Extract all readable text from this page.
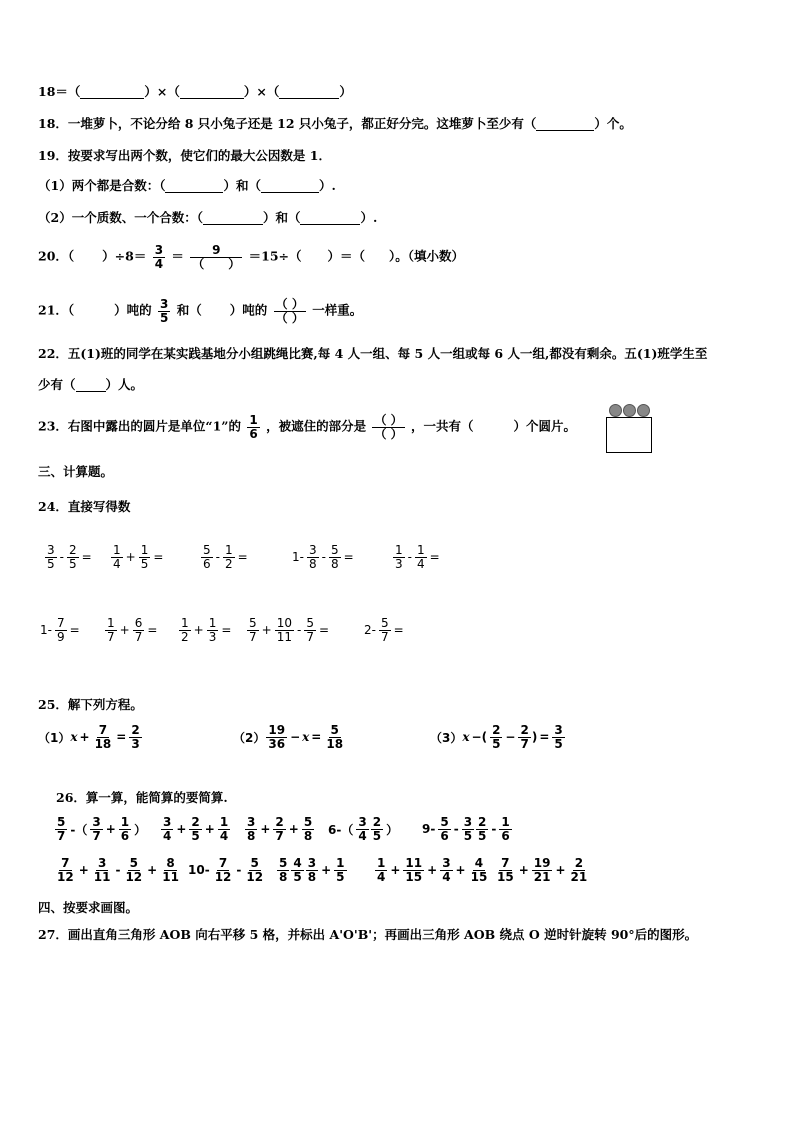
18＝（	）×（	）×（	）
18．一堆萝卜，不论分给 8 只小兔子还是 12 只小兔子，都正好分完。这堆萝卜至少有（	）个。
19．按要求写出两个数，使它们的最大公因数是 1．
（1）两个都是合数：（	）和（	）.
（2）一个质数、一个合数：（	）和（	）.
20．（ ）$\div 8= \frac{3}{4} = \frac{9}{( )} =15\div$（ ）＝（ ）。（填小数）
21．（	）吨的 $\frac{3}{5}$ 和（ ）吨的 $\frac{( )}{( )}$ 一样重。
22．五(1)班的同学在某实践基地分小组跳绳比赛,每 4 人一组、每 5 人一组或每 6 人一组,都没有剩余。五(1)班学生至
少有（ ）人。
23．右图中露出的圆片是单位“1”的 $\frac{1}{6}$ ，被遮住的部分是 $\frac{( )}{( )}$ ，一共有（	）个圆片。
三、计算题。
24．直接写得数
$\frac{3}{5} - \frac{2}{5} = \frac{1}{4} + \frac{1}{5}$ =	$\frac{5}{6} - \frac{1}{2}$ =	$1- \frac{3}{8} - \frac{5}{8}$ =	$\frac{1}{3} - \frac{1}{4}$ =
$1- \frac{7}{9} = \frac{1}{7} + \frac{6}{7} = \frac{1}{2} + \frac{1}{3} = \frac{5}{7} + \frac{10}{11} - \frac{5}{7}$ =	$2- \frac{5}{7}$ =
25．解下列方程。
（1） $x + \frac{7}{18} = \frac{2}{3}$	$(2) \frac{19}{36} - x = \frac{5}{18}$	（3） x −( $\frac{2}{5} - \frac{2}{7}$ ) = $\frac{3}{5}$
26．算一算，能简算的要简算.
$\frac{5}{7}$ -（ $\frac{3}{7} + \frac{1}{6}$ ） $\frac{3}{4} + \frac{2}{5} + \frac{1}{4} \frac{3}{8} + \frac{2}{7} + \frac{5}{8} 6-( \frac{3}{4} \frac{2}{5}$ ） $9- \frac{5}{6} - \frac{3}{5} \frac{2}{5} - \frac{1}{6}$
$\frac{7}{12} + \frac{3}{11} - \frac{5}{12} + \frac{8}{11} 10- \frac{7}{12} - \frac{5}{12} \frac{5}{8} \frac{4}{5} \frac{3}{8} + \frac{1}{5} \frac{1}{4} + \frac{11}{15} + \frac{3}{4} + \frac{4}{15} \frac{7}{15} + \frac{19}{21} + \frac{2}{21}$
四、按要求画图。
27．画出直角三角形 AOB 向右平移 5 格，并标出 A'O'B'；再画出三角形 AOB 绕点 O 逆时针旋转 90°后的图形。
